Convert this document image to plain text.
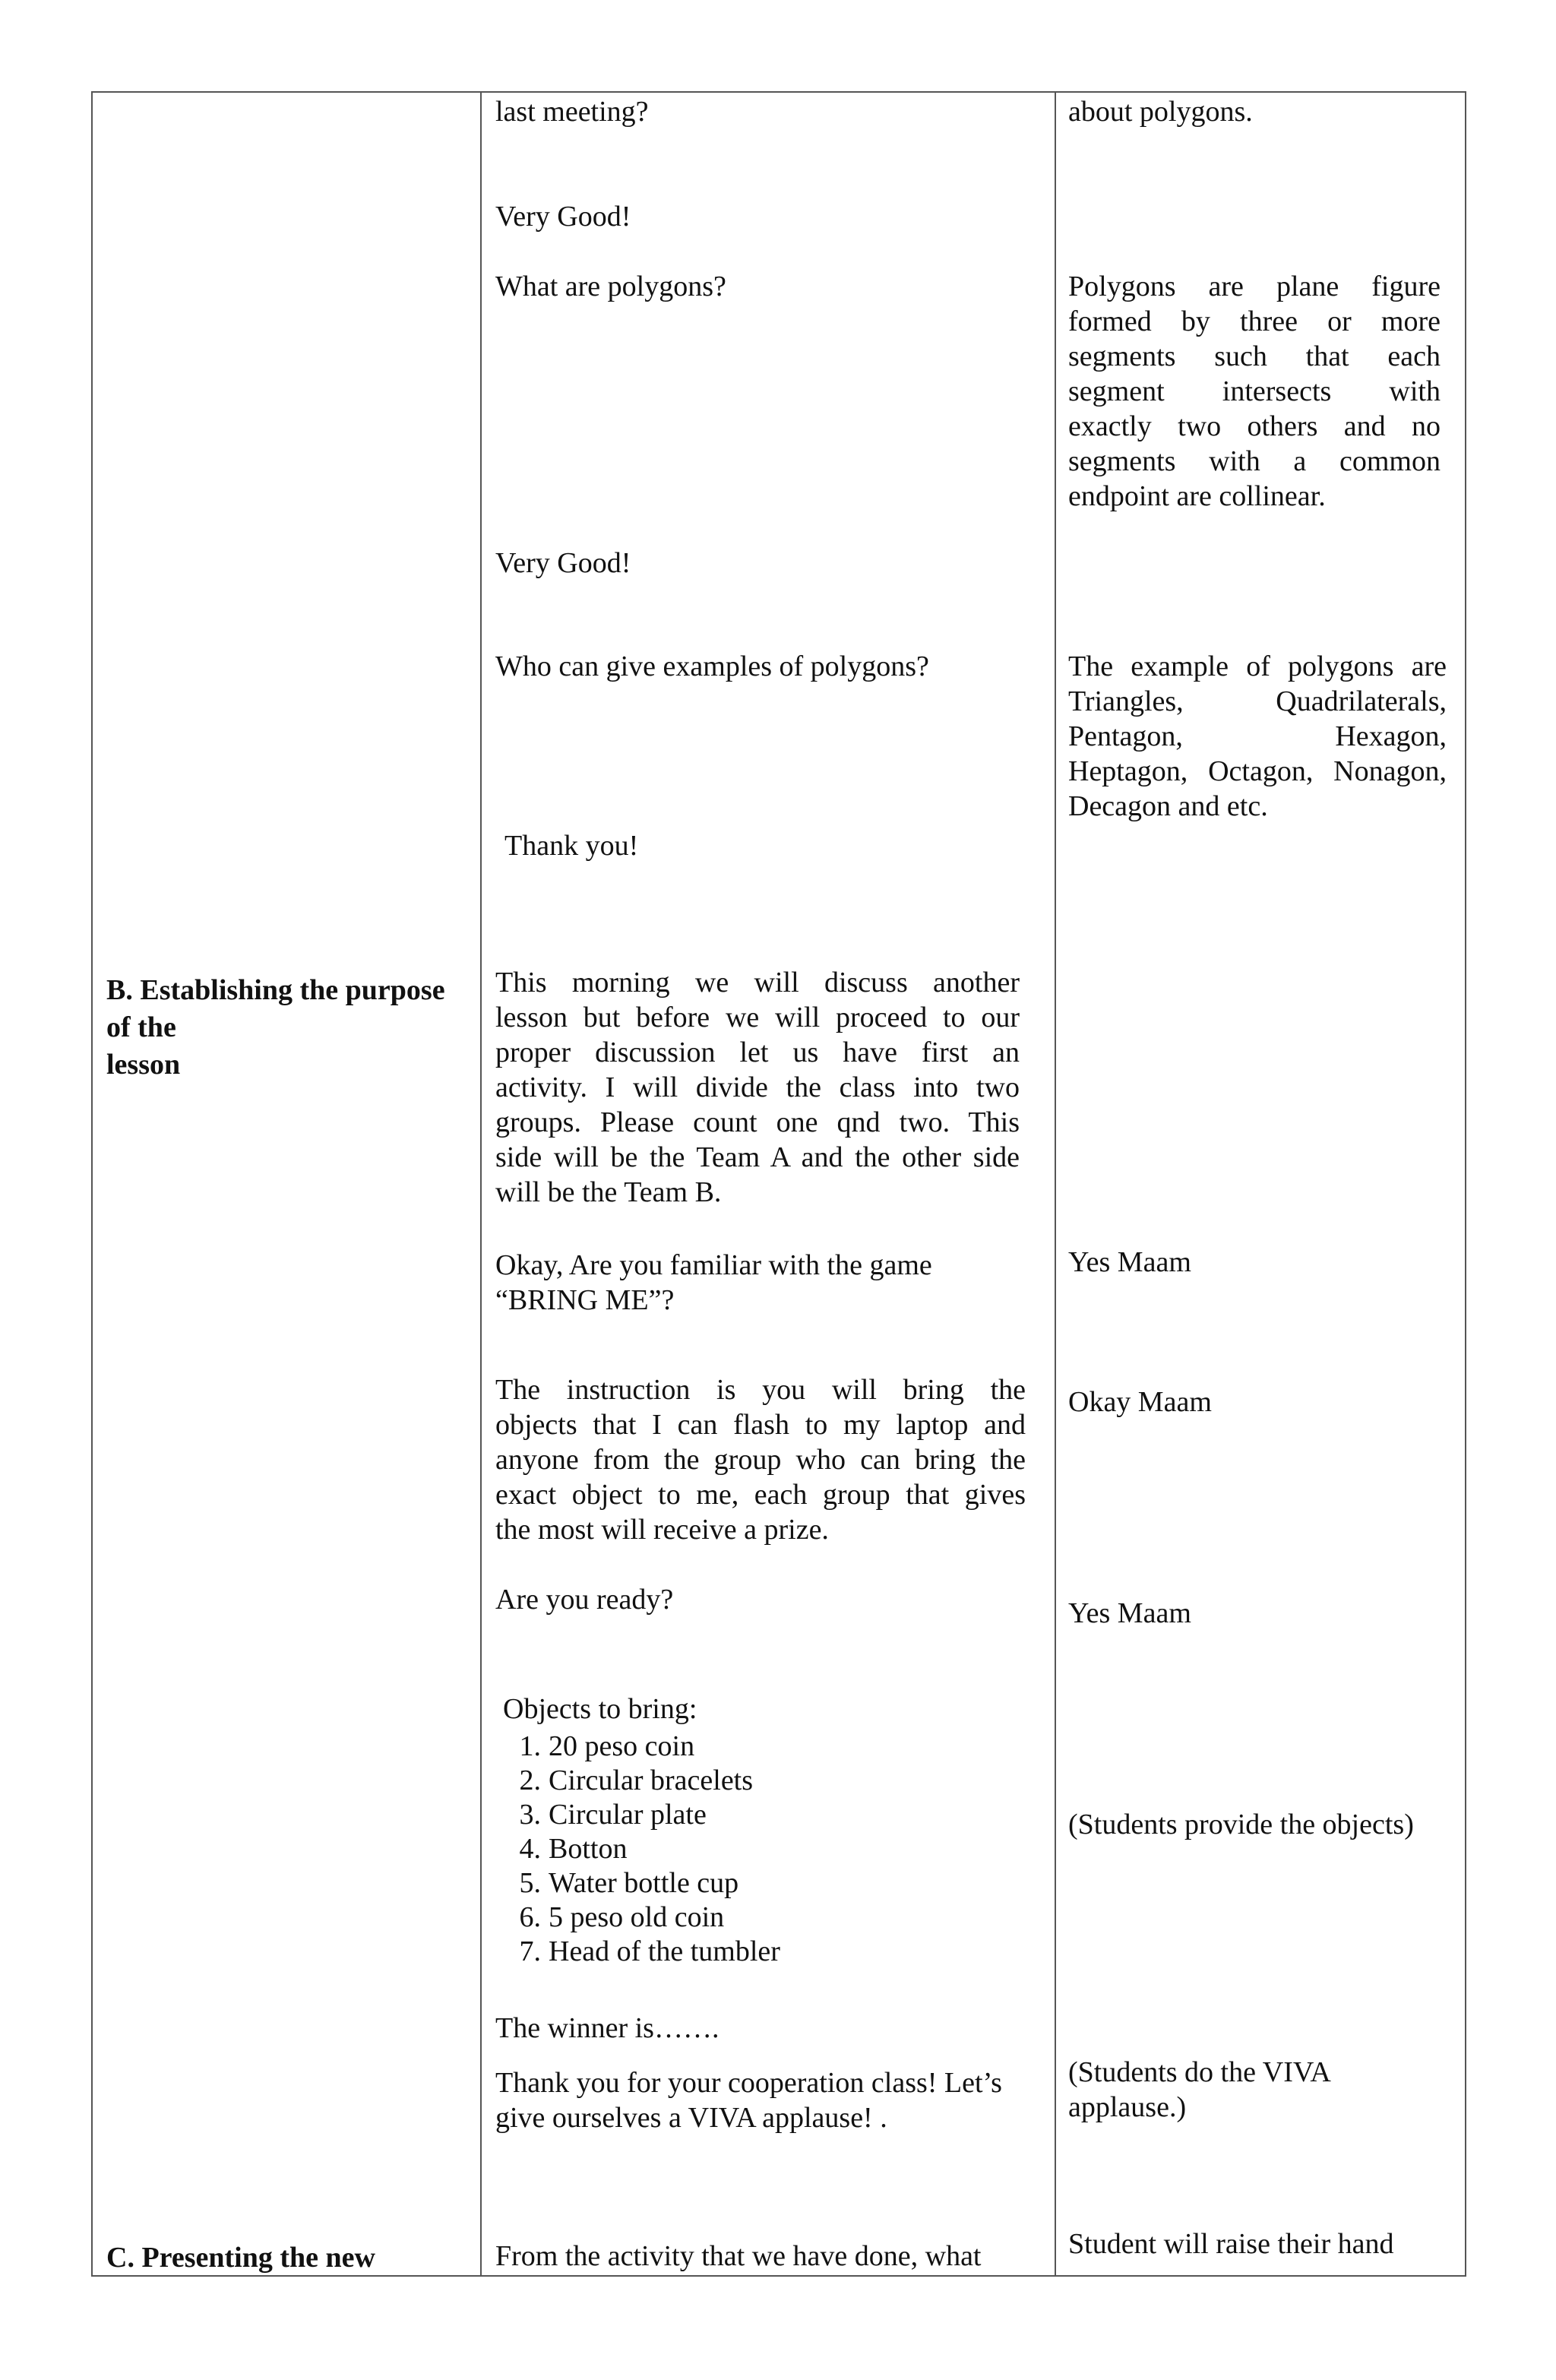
B. Establishing the purpose
of the
lesson
C. Presenting the new
last meeting?
Very Good!
What are polygons?
Very Good!
Who can give examples of polygons?
Thank you!
This morning we will discuss another
lesson but before we will proceed to our
proper discussion let us have first an
activity. I will divide the class into two
groups. Please count one qnd two. This
side will be the Team A and the other side
will be the Team B.
Okay, Are you familiar with the game
“BRING ME”?
The instruction is you will bring the
objects that I can flash to my laptop and
anyone from the group who can bring the
exact object to me, each group that gives
the most will receive a prize.
Are you ready?
Objects to bring:
1. 20 peso coin
2. Circular bracelets
3. Circular plate
4. Botton
5. Water bottle cup
6. 5 peso old coin
7. Head of the tumbler
The winner is…….
Thank you for your cooperation class! Let’s
give ourselves a VIVA applause! .
From the activity that we have done, what
about polygons.
Polygons are plane figure
formed by three or more
segments such that each
segment intersects with
exactly two others and no
segments with a common
endpoint are collinear.
The example of polygons are
Triangles, Quadrilaterals,
Pentagon, Hexagon,
Heptagon, Octagon, Nonagon,
Decagon and etc.
Yes Maam
Okay Maam
Yes Maam
(Students provide the objects)
(Students do the VIVA
applause.)
Student will raise their hand
